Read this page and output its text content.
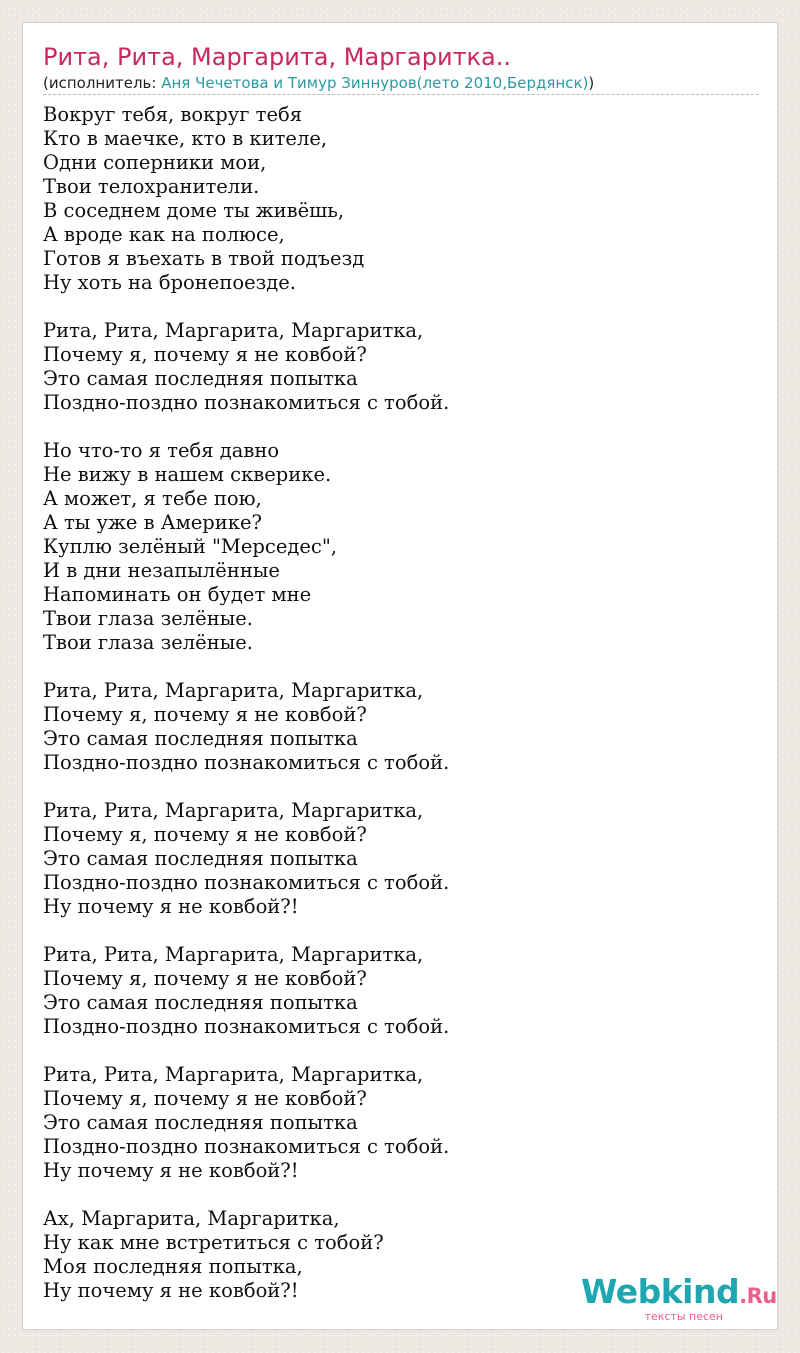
Рита, Рита, Маргарита, Маргаритка..
(исполнитель: Аня Чечетова и Тимур Зиннуров(лето 2010,Бердянск))
Вокруг тебя, вокруг тебя
Кто в маечке, кто в кителе,
Одни соперники мои,
Твои телохранители.
В соседнем доме ты живёшь,
А вроде как на полюсе,
Готов я въехать в твой подъезд
Ну хоть на бронепоезде.
Рита, Рита, Маргарита, Маргаритка,
Почему я, почему я не ковбой?
Это самая последняя попытка
Поздно-поздно познакомиться с тобой.
Но что-то я тебя давно
Не вижу в нашем скверике.
А может, я тебе пою,
А ты уже в Америке?
Куплю зелёный "Мерседес",
И в дни незапылённые
Напоминать он будет мне
Твои глаза зелёные.
Твои глаза зелёные.
Рита, Рита, Маргарита, Маргаритка,
Почему я, почему я не ковбой?
Это самая последняя попытка
Поздно-поздно познакомиться с тобой.
Рита, Рита, Маргарита, Маргаритка,
Почему я, почему я не ковбой?
Это самая последняя попытка
Поздно-поздно познакомиться с тобой.
Ну почему я не ковбой?!
Рита, Рита, Маргарита, Маргаритка,
Почему я, почему я не ковбой?
Это самая последняя попытка
Поздно-поздно познакомиться с тобой.
Рита, Рита, Маргарита, Маргаритка,
Почему я, почему я не ковбой?
Это самая последняя попытка
Поздно-поздно познакомиться с тобой.
Ну почему я не ковбой?!
Ах, Маргарита, Маргаритка,
Ну как мне встретиться с тобой?
Моя последняя попытка,
Ну почему я не ковбой?!	Webkind.Ru
тексты песен
